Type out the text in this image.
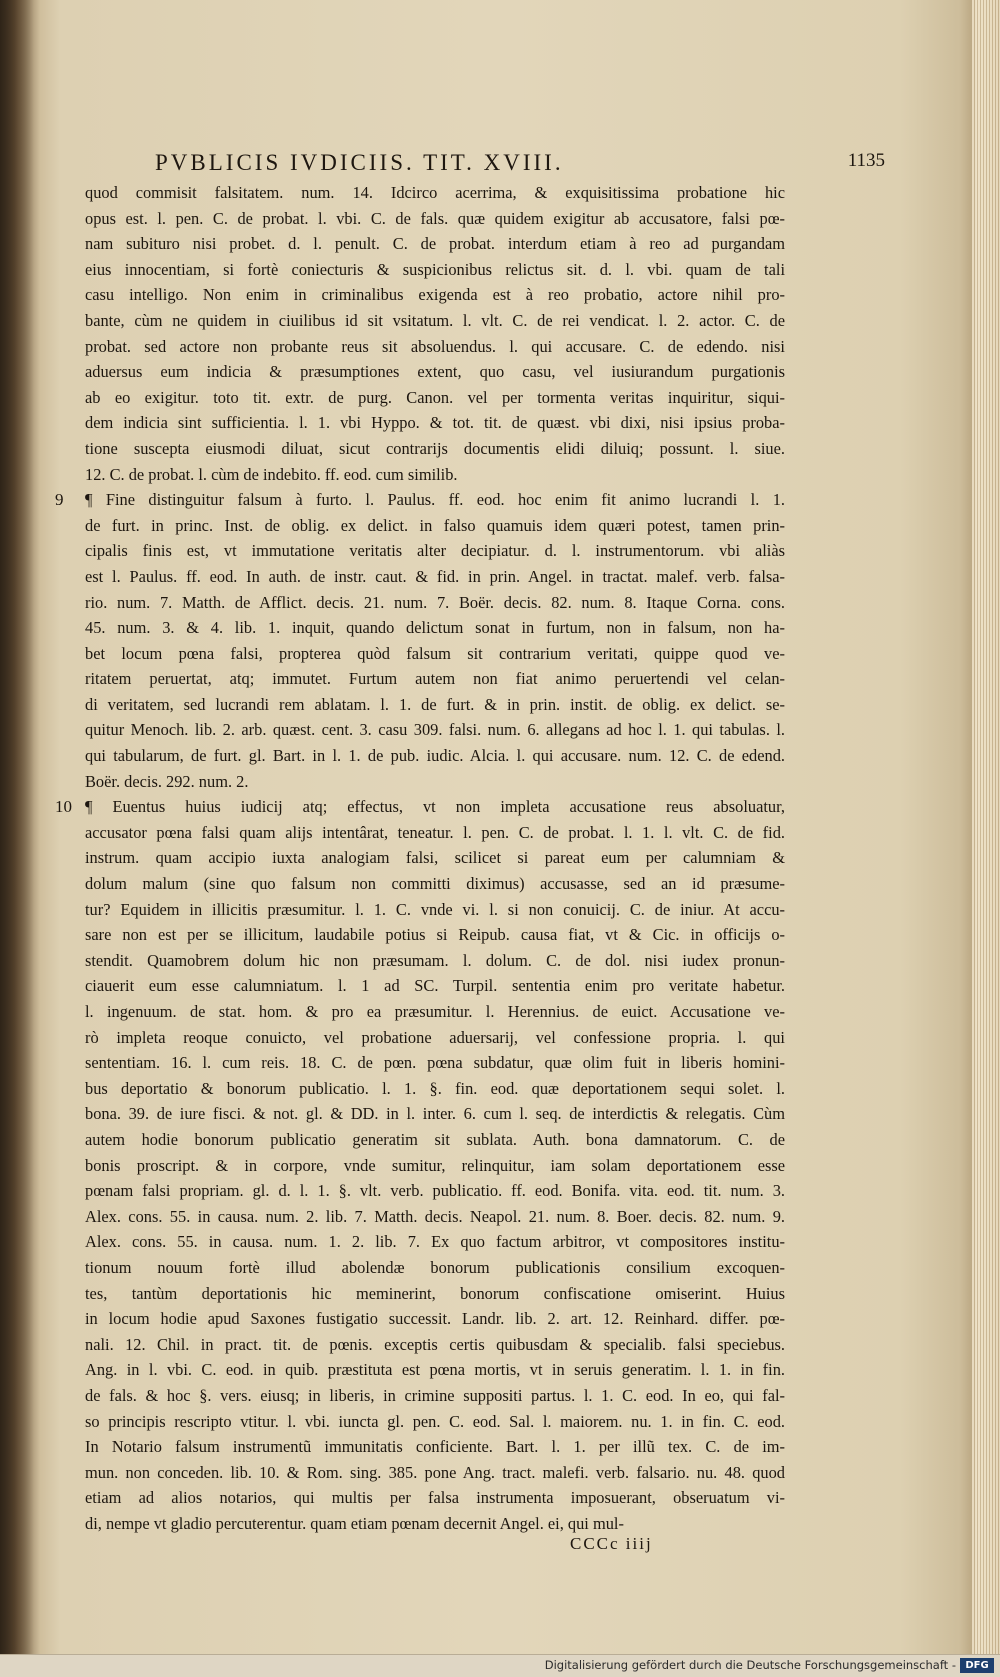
PVBLICIS IVDICIIS. TIT. XVIII.	1135
quod commisit falsitatem. num. 14. Idcirco acerrima, & exquisitissima probatione hic
opus est. l. pen. C. de probat. l. vbi. C. de fals. quæ quidem exigitur ab accusatore, falsi pœ-
nam subituro nisi probet. d. l. penult. C. de probat. interdum etiam à reo ad purgandam
eius innocentiam, si fortè coniecturis & suspicionibus relictus sit. d. l. vbi. quam de tali
casu intelligo. Non enim in criminalibus exigenda est à reo probatio, actore nihil pro-
bante, cùm ne quidem in ciuilibus id sit vsitatum. l. vlt. C. de rei vendicat. l. 2. actor. C. de
probat. sed actore non probante reus sit absoluendus. l. qui accusare. C. de edendo. nisi
aduersus eum indicia & præsumptiones extent, quo casu, vel iusiurandum purgationis
ab eo exigitur. toto tit. extr. de purg. Canon. vel per tormenta veritas inquiritur, siqui-
dem indicia sint sufficientia. l. 1. vbi Hyppo. & tot. tit. de quæst. vbi dixi, nisi ipsius proba-
tione suscepta eiusmodi diluat, sicut contrarijs documentis elidi diluiq; possunt. l. siue.
12. C. de probat. l. cùm de indebito. ff. eod. cum similib.
9 ¶ Fine distinguitur falsum à furto. l. Paulus. ff. eod. hoc enim fit animo lucrandi l. 1.
de furt. in princ. Inst. de oblig. ex delict. in falso quamuis idem quæri potest, tamen prin-
cipalis finis est, vt immutatione veritatis alter decipiatur. d. l. instrumentorum. vbi aliàs
est l. Paulus. ff. eod. In auth. de instr. caut. & fid. in prin. Angel. in tractat. malef. verb. falsa-
rio. num. 7. Matth. de Afflict. decis. 21. num. 7. Boër. decis. 82. num. 8. Itaque Corna. cons.
45. num. 3. & 4. lib. 1. inquit, quando delictum sonat in furtum, non in falsum, non ha-
bet locum pœna falsi, propterea quòd falsum sit contrarium veritati, quippe quod ve-
ritatem peruertat, atq; immutet. Furtum autem non fiat animo peruertendi vel celan-
di veritatem, sed lucrandi rem ablatam. l. 1. de furt. & in prin. instit. de oblig. ex delict. se-
quitur Menoch. lib. 2. arb. quæst. cent. 3. casu 309. falsi. num. 6. allegans ad hoc l. 1. qui tabulas. l.
qui tabularum, de furt. gl. Bart. in l. 1. de pub. iudic. Alcia. l. qui accusare. num. 12. C. de edend.
Boër. decis. 292. num. 2.
10 ¶ Euentus huius iudicij atq; effectus, vt non impleta accusatione reus absoluatur,
accusator pœna falsi quam alijs intentârat, teneatur. l. pen. C. de probat. l. 1. l. vlt. C. de fid.
instrum. quam accipio iuxta analogiam falsi, scilicet si pareat eum per calumniam &
dolum malum (sine quo falsum non committi diximus) accusasse, sed an id præsume-
tur? Equidem in illicitis præsumitur. l. 1. C. vnde vi. l. si non conuicij. C. de iniur. At accu-
sare non est per se illicitum, laudabile potius si Reipub. causa fiat, vt & Cic. in officijs o-
stendit. Quamobrem dolum hic non præsumam. l. dolum. C. de dol. nisi iudex pronun-
ciauerit eum esse calumniatum. l. 1 ad SC. Turpil. sententia enim pro veritate habetur.
l. ingenuum. de stat. hom. & pro ea præsumitur. l. Herennius. de euict. Accusatione ve-
rò impleta reoque conuicto, vel probatione aduersarij, vel confessione propria. l. qui
sententiam. 16. l. cum reis. 18. C. de pœn. pœna subdatur, quæ olim fuit in liberis homini-
bus deportatio & bonorum publicatio. l. 1. §. fin. eod. quæ deportationem sequi solet. l.
bona. 39. de iure fisci. & not. gl. & DD. in l. inter. 6. cum l. seq. de interdictis & relegatis. Cùm
autem hodie bonorum publicatio generatim sit sublata. Auth. bona damnatorum. C. de
bonis proscript. & in corpore, vnde sumitur, relinquitur, iam solam deportationem esse
pœnam falsi propriam. gl. d. l. 1. §. vlt. verb. publicatio. ff. eod. Bonifa. vita. eod. tit. num. 3.
Alex. cons. 55. in causa. num. 2. lib. 7. Matth. decis. Neapol. 21. num. 8. Boer. decis. 82. num. 9.
Alex. cons. 55. in causa. num. 1. 2. lib. 7. Ex quo factum arbitror, vt compositores institu-
tionum nouum fortè illud abolendæ bonorum publicationis consilium excoquen-
tes, tantùm deportationis hic meminerint, bonorum confiscatione omiserint. Huius
in locum hodie apud Saxones fustigatio successit. Landr. lib. 2. art. 12. Reinhard. differ. pœ-
nali. 12. Chil. in pract. tit. de pœnis. exceptis certis quibusdam & specialib. falsi speciebus.
Ang. in l. vbi. C. eod. in quib. præstituta est pœna mortis, vt in seruis generatim. l. 1. in fin.
de fals. & hoc §. vers. eiusq; in liberis, in crimine suppositi partus. l. 1. C. eod. In eo, qui fal-
so principis rescripto vtitur. l. vbi. iuncta gl. pen. C. eod. Sal. l. maiorem. nu. 1. in fin. C. eod.
In Notario falsum instrumentũ immunitatis conficiente. Bart. l. 1. per illũ tex. C. de im-
mun. non conceden. lib. 10. & Rom. sing. 385. pone Ang. tract. malefi. verb. falsario. nu. 48. quod
etiam ad alios notarios, qui multis per falsa instrumenta imposuerant, obseruatum vi-
di, nempe vt gladio percuterentur. quam etiam pœnam decernit Angel. ei, qui mul-
CCCc iiij
Digitalisierung gefördert durch die Deutsche Forschungsgemeinschaft - DFG
